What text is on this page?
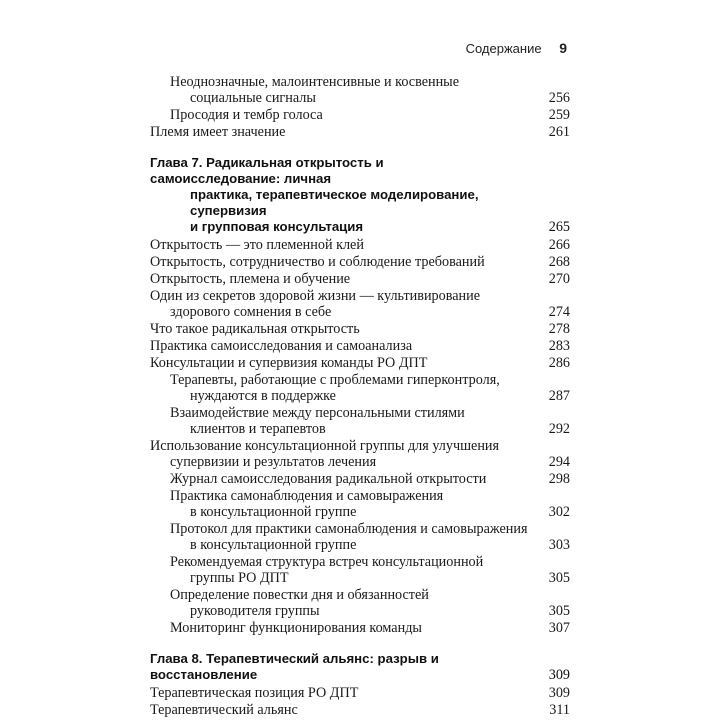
Содержание 9
Неоднозначные, малоинтенсивные и косвенные
социальные сигналы	256
Просодия и тембр голоса	259
Племя имеет значение	261
Глава 7. Радикальная открытость и самоисследование: личная
практика, терапевтическое моделирование, супервизия
и групповая консультация	265
Открытость — это племенной клей	266
Открытость, сотрудничество и соблюдение требований	268
Открытость, племена и обучение	270
Один из секретов здоровой жизни — культивирование
здорового сомнения в себе	274
Что такое радикальная открытость	278
Практика самоисследования и самоанализа	283
Консультации и супервизия команды РО ДПТ	286
Терапевты, работающие с проблемами гиперконтроля,
нуждаются в поддержке	287
Взаимодействие между персональными стилями
клиентов и терапевтов	292
Использование консультационной группы для улучшения
супервизии и результатов лечения	294
Журнал самоисследования радикальной открытости	298
Практика самонаблюдения и самовыражения
в консультационной группе	302
Протокол для практики самонаблюдения и самовыражения
в консультационной группе	303
Рекомендуемая структура встреч консультационной
группы РО ДПТ	305
Определение повестки дня и обязанностей
руководителя группы	305
Мониторинг функционирования команды	307
Глава 8. Терапевтический альянс: разрыв и восстановление	309
Терапевтическая позиция РО ДПТ	309
Терапевтический альянс	311
